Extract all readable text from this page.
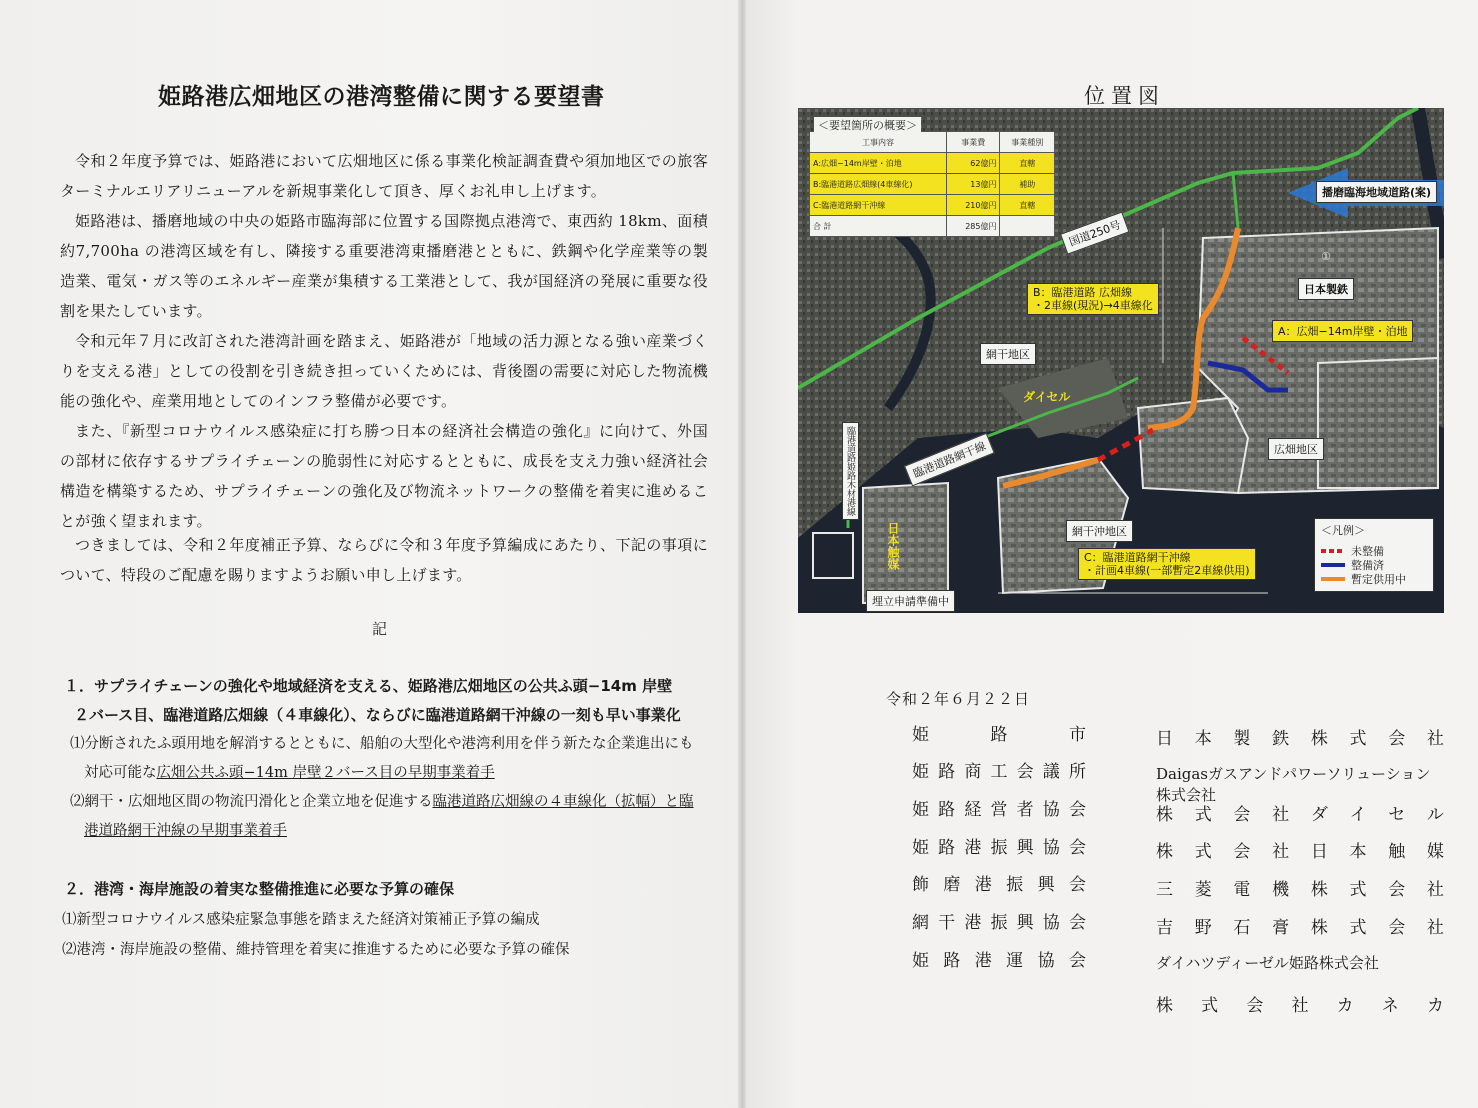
姫路港広畑地区の港湾整備に関する要望書
令和２年度予算では、姫路港において広畑地区に係る事業化検証調査費や須加地区での旅客ターミナルエリアリニューアルを新規事業化して頂き、厚くお礼申し上げます。
姫路港は、播磨地域の中央の姫路市臨海部に位置する国際拠点港湾で、東西約 18km、面積約7,700ha の港湾区域を有し、隣接する重要港湾東播磨港とともに、鉄鋼や化学産業等の製造業、電気・ガス等のエネルギー産業が集積する工業港として、我が国経済の発展に重要な役割を果たしています。
令和元年７月に改訂された港湾計画を踏まえ、姫路港が「地域の活力源となる強い産業づくりを支える港」としての役割を引き続き担っていくためには、背後圏の需要に対応した物流機能の強化や、産業用地としてのインフラ整備が必要です。
また、『新型コロナウイルス感染症に打ち勝つ日本の経済社会構造の強化』に向けて、外国の部材に依存するサプライチェーンの脆弱性に対応するとともに、成長を支え力強い経済社会構造を構築するため、サプライチェーンの強化及び物流ネットワークの整備を着実に進めることが強く望まれます。
つきましては、令和２年度補正予算、ならびに令和３年度予算編成にあたり、下記の事項について、特段のご配慮を賜りますようお願い申し上げます。
記
１．サプライチェーンの強化や地域経済を支える、姫路港広畑地区の公共ふ頭−14m 岸壁
２バース目、臨港道路広畑線（４車線化）、ならびに臨港道路網干沖線の一刻も早い事業化
⑴分断されたふ頭用地を解消するとともに、船舶の大型化や港湾利用を伴う新たな企業進出にも
対応可能な広畑公共ふ頭−14m 岸壁２バース目の早期事業着手
⑵網干・広畑地区間の物流円滑化と企業立地を促進する臨港道路広畑線の４車線化（拡幅）と臨
港道路網干沖線の早期事業着手
２．港湾・海岸施設の着実な整備推進に必要な予算の確保
⑴新型コロナウイルス感染症緊急事態を踏まえた経済対策補正予算の編成
⑵港湾・海岸施設の整備、維持管理を着実に推進するために必要な予算の確保
位置図
工事内容	事業費	事業種別
A:広畑−14m岸壁・泊地	62億円	直轄
B:臨港道路広畑線(4車線化)	13億円	補助
C:臨港道路網干沖線	210億円	直轄
合 計	285億円	
＜要望箇所の概要＞
国道250号
播磨臨海地域道路(案)
B：臨港道路 広畑線
・2車線(現況)→4車線化
A：広畑−14m岸壁・泊地
日本製鉄
①
網干地区
ダイセル
広畑地区
臨港道路網干線
臨港道路姫路木材港線
日本触媒	網干沖地区
C：臨港道路網干沖線
・計画4車線(一部暫定2車線供用)
埋立申請準備中
＜凡例＞
未整備
整備済
暫定供用中
令和２年６月２２日
姫	路	市
姫 路 商 工 会 議 所
姫 路 経 営 者 協 会
姫 路 港 振 興 協 会
飾 磨 港 振 興 会
網 干 港 振 興 協 会
姫 路 港 運 協 会
日 本 製 鉄 株 式 会 社
Daigasガスアンドパワーソリューション株式会社
株 式 会 社 ダ イ セ ル
株 式 会 社 日 本 触 媒
三 菱 電 機 株 式 会 社
吉 野 石 膏 株 式 会 社
ダイハツディーゼル姫路株式会社
株 式 会 社 カ ネ カ
